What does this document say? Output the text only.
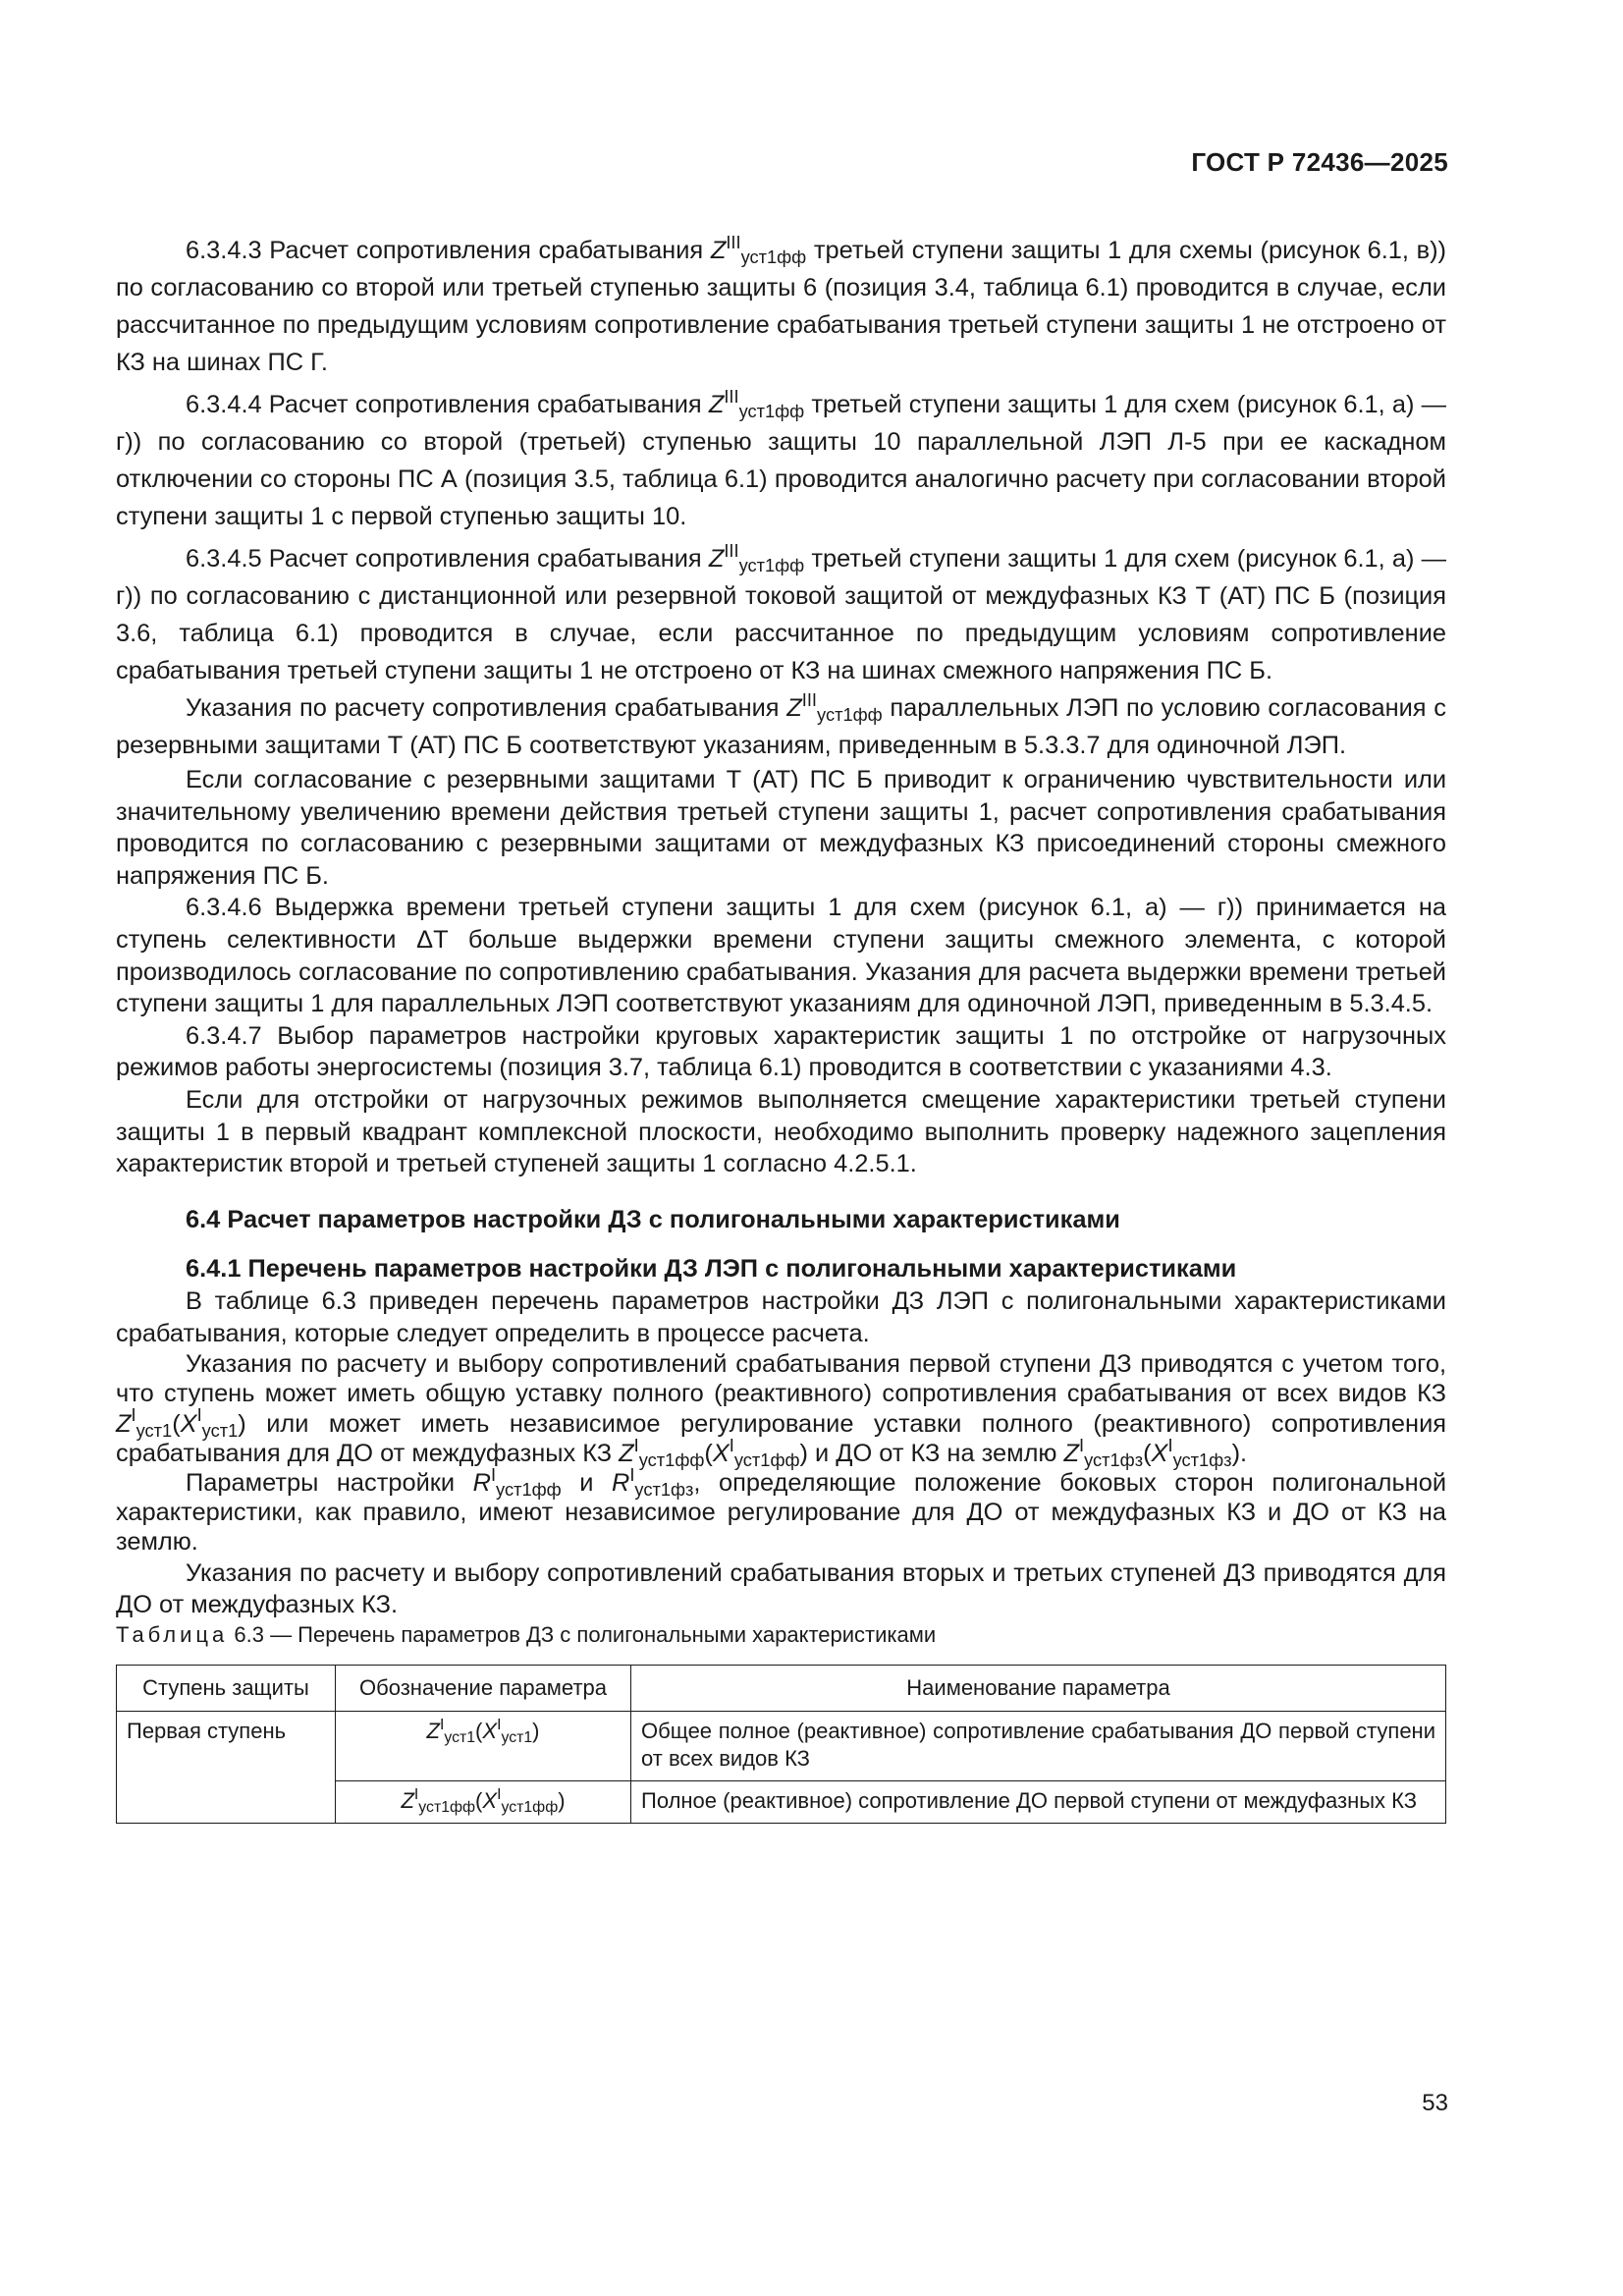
ГОСТ Р 72436—2025

6.3.4.3 Расчет сопротивления срабатывания $Z^{III}_{уст1фф}$ третьей ступени защиты 1 для схемы (рисунок 6.1, в)) по согласованию со второй или третьей ступенью защиты 6 (позиция 3.4, таблица 6.1) проводится в случае, если рассчитанное по предыдущим условиям сопротивление срабатывания третьей ступени защиты 1 не отстроено от КЗ на шинах ПС Г.

6.3.4.4 Расчет сопротивления срабатывания $Z^{III}_{уст1фф}$ третьей ступени защиты 1 для схем (рисунок 6.1, а) — г)) по согласованию со второй (третьей) ступенью защиты 10 параллельной ЛЭП Л-5 при ее каскадном отключении со стороны ПС А (позиция 3.5, таблица 6.1) проводится аналогично расчету при согласовании второй ступени защиты 1 с первой ступенью защиты 10.

6.3.4.5 Расчет сопротивления срабатывания $Z^{III}_{уст1фф}$ третьей ступени защиты 1 для схем (рисунок 6.1, а) — г)) по согласованию с дистанционной или резервной токовой защитой от междуфазных КЗ Т (АТ) ПС Б (позиция 3.6, таблица 6.1) проводится в случае, если рассчитанное по предыдущим условиям сопротивление срабатывания третьей ступени защиты 1 не отстроено от КЗ на шинах смежного напряжения ПС Б.

Указания по расчету сопротивления срабатывания $Z^{III}_{уст1фф}$ параллельных ЛЭП по условию согласования с резервными защитами Т (АТ) ПС Б соответствуют указаниям, приведенным в 5.3.3.7 для одиночной ЛЭП.

Если согласование с резервными защитами Т (АТ) ПС Б приводит к ограничению чувствительности или значительному увеличению времени действия третьей ступени защиты 1, расчет сопротивления срабатывания проводится по согласованию с резервными защитами от междуфазных КЗ присоединений стороны смежного напряжения ПС Б.

6.3.4.6 Выдержка времени третьей ступени защиты 1 для схем (рисунок 6.1, а) — г)) принимается на ступень селективности ΔT больше выдержки времени ступени защиты смежного элемента, с которой производилось согласование по сопротивлению срабатывания. Указания для расчета выдержки времени третьей ступени защиты 1 для параллельных ЛЭП соответствуют указаниям для одиночной ЛЭП, приведенным в 5.3.4.5.

6.3.4.7 Выбор параметров настройки круговых характеристик защиты 1 по отстройке от нагрузочных режимов работы энергосистемы (позиция 3.7, таблица 6.1) проводится в соответствии с указаниями 4.3.

Если для отстройки от нагрузочных режимов выполняется смещение характеристики третьей ступени защиты 1 в первый квадрант комплексной плоскости, необходимо выполнить проверку надежного зацепления характеристик второй и третьей ступеней защиты 1 согласно 4.2.5.1.

6.4 Расчет параметров настройки ДЗ с полигональными характеристиками
6.4.1 Перечень параметров настройки ДЗ ЛЭП с полигональными характеристиками

В таблице 6.3 приведен перечень параметров настройки ДЗ ЛЭП с полигональными характеристиками срабатывания, которые следует определить в процессе расчета.

Указания по расчету и выбору сопротивлений срабатывания первой ступени ДЗ приводятся с учетом того, что ступень может иметь общую уставку полного (реактивного) сопротивления срабатывания от всех видов КЗ $Z^I_{уст1}(X^I_{уст1})$ или может иметь независимое регулирование уставки полного (реактивного) сопротивления срабатывания для ДО от междуфазных КЗ $Z^I_{уст1фф}(X^I_{уст1фф})$ и ДО от КЗ на землю $Z^I_{уст1фз}(X^I_{уст1фз})$.

Параметры настройки $R^I_{уст1фф}$ и $R^I_{уст1фз}$, определяющие положение боковых сторон полигональной характеристики, как правило, имеют независимое регулирование для ДО от междуфазных КЗ и ДО от КЗ на землю.

Указания по расчету и выбору сопротивлений срабатывания вторых и третьих ступеней ДЗ приводятся для ДО от междуфазных КЗ.

Таблица 6.3 — Перечень параметров ДЗ с полигональными характеристиками

Ступень защиты	Обозначение параметра	Наименование параметра
Первая ступень	$Z^I_{уст1}(X^I_{уст1})$	Общее полное (реактивное) сопротивление срабатывания ДО первой ступени от всех видов КЗ
	$Z^I_{уст1фф}(X^I_{уст1фф})$	Полное (реактивное) сопротивление ДО первой ступени от междуфазных КЗ
53
